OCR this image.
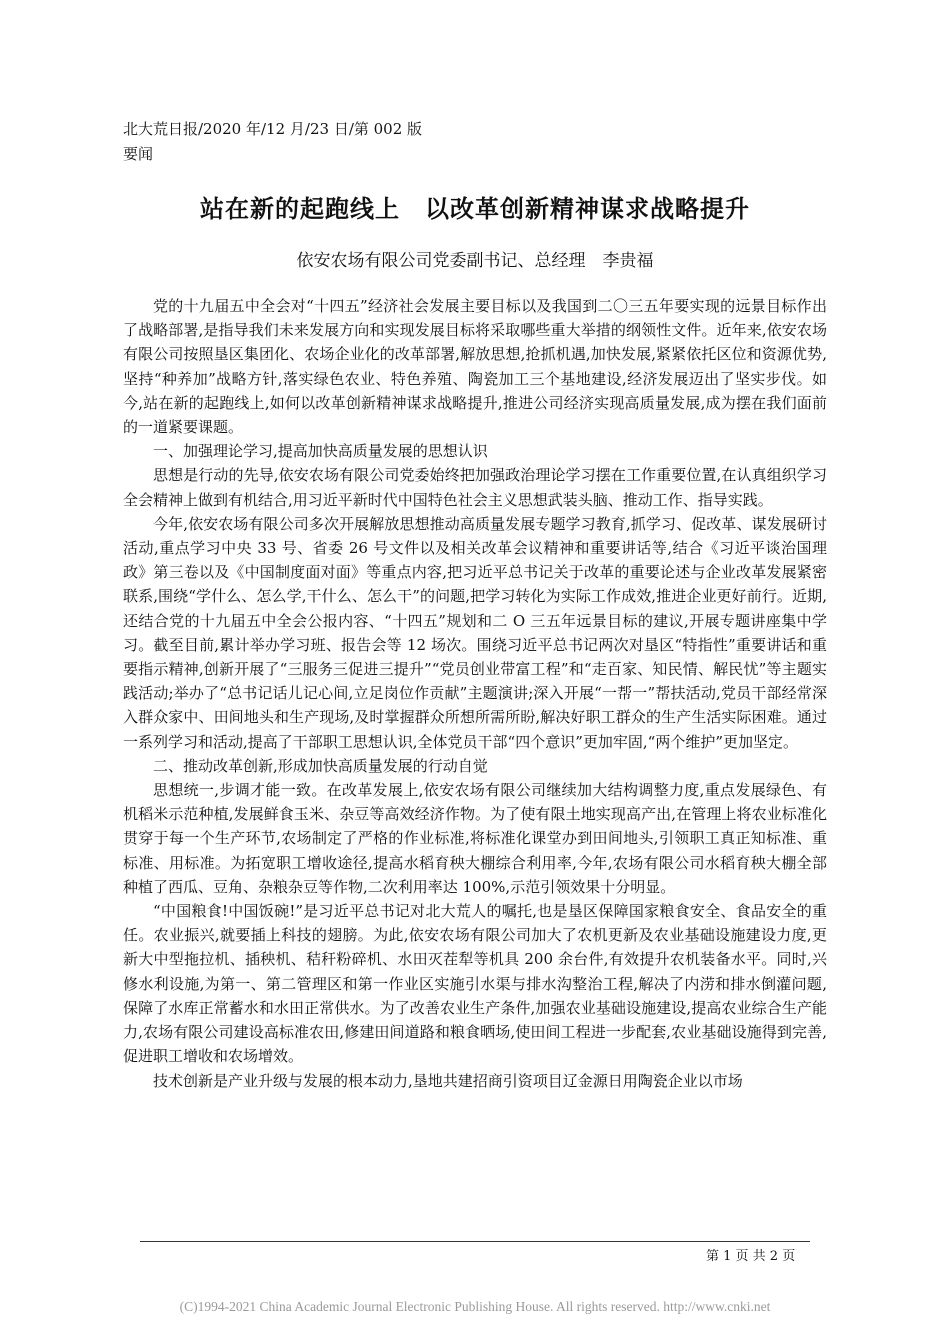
北大荒日报/2020 年/12 月/23 日/第 002 版
要闻
站在新的起跑线上　以改革创新精神谋求战略提升
依安农场有限公司党委副书记、总经理　李贵福

党的十九届五中全会对“十四五”经济社会发展主要目标以及我国到二〇三五年要实现的远景目标作出了战略部署,是指导我们未来发展方向和实现发展目标将采取哪些重大举措的纲领性文件。近年来,依安农场有限公司按照垦区集团化、农场企业化的改革部署,解放思想,抢抓机遇,加快发展,紧紧依托区位和资源优势,坚持“种养加”战略方针,落实绿色农业、特色养殖、陶瓷加工三个基地建设,经济发展迈出了坚实步伐。如今,站在新的起跑线上,如何以改革创新精神谋求战略提升,推进公司经济实现高质量发展,成为摆在我们面前的一道紧要课题。

一、加强理论学习,提高加快高质量发展的思想认识

思想是行动的先导,依安农场有限公司党委始终把加强政治理论学习摆在工作重要位置,在认真组织学习全会精神上做到有机结合,用习近平新时代中国特色社会主义思想武装头脑、推动工作、指导实践。

今年,依安农场有限公司多次开展解放思想推动高质量发展专题学习教育,抓学习、促改革、谋发展研讨活动,重点学习中央 33 号、省委 26 号文件以及相关改革会议精神和重要讲话等,结合《习近平谈治国理政》第三卷以及《中国制度面对面》等重点内容,把习近平总书记关于改革的重要论述与企业改革发展紧密联系,围绕“学什么、怎么学,干什么、怎么干”的问题,把学习转化为实际工作成效,推进企业更好前行。近期,还结合党的十九届五中全会公报内容、“十四五”规划和二 O 三五年远景目标的建议,开展专题讲座集中学习。截至目前,累计举办学习班、报告会等 12 场次。围绕习近平总书记两次对垦区“特指性”重要讲话和重要指示精神,创新开展了“三服务三促进三提升”“党员创业带富工程”和“走百家、知民情、解民忧”等主题实践活动;举办了“总书记话儿记心间,立足岗位作贡献”主题演讲;深入开展“一帮一”帮扶活动,党员干部经常深入群众家中、田间地头和生产现场,及时掌握群众所想所需所盼,解决好职工群众的生产生活实际困难。通过一系列学习和活动,提高了干部职工思想认识,全体党员干部“四个意识”更加牢固,“两个维护”更加坚定。

二、推动改革创新,形成加快高质量发展的行动自觉

思想统一,步调才能一致。在改革发展上,依安农场有限公司继续加大结构调整力度,重点发展绿色、有机稻米示范种植,发展鲜食玉米、杂豆等高效经济作物。为了使有限土地实现高产出,在管理上将农业标准化贯穿于每一个生产环节,农场制定了严格的作业标准,将标准化课堂办到田间地头,引领职工真正知标准、重标准、用标准。为拓宽职工增收途径,提高水稻育秧大棚综合利用率,今年,农场有限公司水稻育秧大棚全部种植了西瓜、豆角、杂粮杂豆等作物,二次利用率达 100%,示范引领效果十分明显。

“中国粮食!中国饭碗!”是习近平总书记对北大荒人的嘱托,也是垦区保障国家粮食安全、食品安全的重任。农业振兴,就要插上科技的翅膀。为此,依安农场有限公司加大了农机更新及农业基础设施建设力度,更新大中型拖拉机、插秧机、秸秆粉碎机、水田灭茬犁等机具 200 余台件,有效提升农机装备水平。同时,兴修水利设施,为第一、第二管理区和第一作业区实施引水渠与排水沟整治工程,解决了内涝和排水倒灌问题,保障了水库正常蓄水和水田正常供水。为了改善农业生产条件,加强农业基础设施建设,提高农业综合生产能力,农场有限公司建设高标准农田,修建田间道路和粮食晒场,使田间工程进一步配套,农业基础设施得到完善,促进职工增收和农场增效。

技术创新是产业升级与发展的根本动力,垦地共建招商引资项目辽金源日用陶瓷企业以市场

第 1 页 共 2 页
(C)1994-2021 China Academic Journal Electronic Publishing House. All rights reserved. http://www.cnki.net
